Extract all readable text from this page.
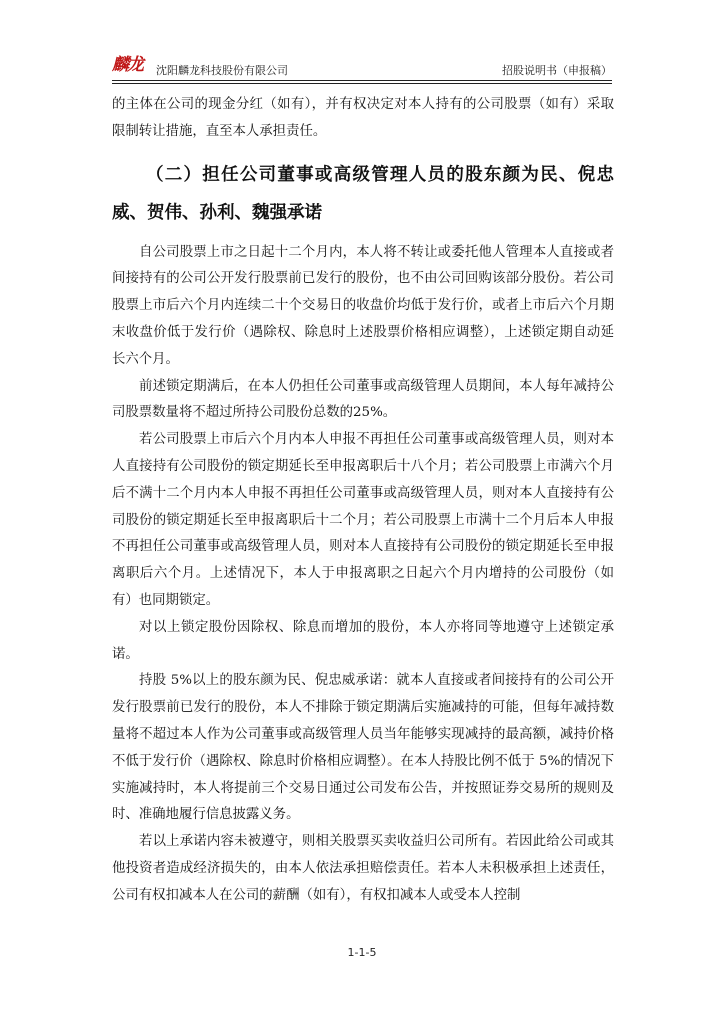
麟龙	沈阳麟龙科技股份有限公司	招股说明书（申报稿）

的主体在公司的现金分红（如有），并有权决定对本人持有的公司股票（如有）采取限制转让措施，直至本人承担责任。

（二）担任公司董事或高级管理人员的股东颜为民、倪忠威、贺伟、孙利、魏强承诺

自公司股票上市之日起十二个月内，本人将不转让或委托他人管理本人直接或者间接持有的公司公开发行股票前已发行的股份，也不由公司回购该部分股份。若公司股票上市后六个月内连续二十个交易日的收盘价均低于发行价，或者上市后六个月期末收盘价低于发行价（遇除权、除息时上述股票价格相应调整），上述锁定期自动延长六个月。

前述锁定期满后，在本人仍担任公司董事或高级管理人员期间，本人每年减持公司股票数量将不超过所持公司股份总数的25%。

若公司股票上市后六个月内本人申报不再担任公司董事或高级管理人员，则对本人直接持有公司股份的锁定期延长至申报离职后十八个月；若公司股票上市满六个月后不满十二个月内本人申报不再担任公司董事或高级管理人员，则对本人直接持有公司股份的锁定期延长至申报离职后十二个月；若公司股票上市满十二个月后本人申报不再担任公司董事或高级管理人员，则对本人直接持有公司股份的锁定期延长至申报离职后六个月。上述情况下，本人于申报离职之日起六个月内增持的公司股份（如有）也同期锁定。

对以上锁定股份因除权、除息而增加的股份，本人亦将同等地遵守上述锁定承诺。

持股 5%以上的股东颜为民、倪忠威承诺：就本人直接或者间接持有的公司公开发行股票前已发行的股份，本人不排除于锁定期满后实施减持的可能，但每年减持数量将不超过本人作为公司董事或高级管理人员当年能够实现减持的最高额，减持价格不低于发行价（遇除权、除息时价格相应调整）。在本人持股比例不低于 5%的情况下实施减持时，本人将提前三个交易日通过公司发布公告，并按照证券交易所的规则及时、准确地履行信息披露义务。

若以上承诺内容未被遵守，则相关股票买卖收益归公司所有。若因此给公司或其他投资者造成经济损失的，由本人依法承担赔偿责任。若本人未积极承担上述责任，公司有权扣减本人在公司的薪酬（如有），有权扣减本人或受本人控制

1-1-5
